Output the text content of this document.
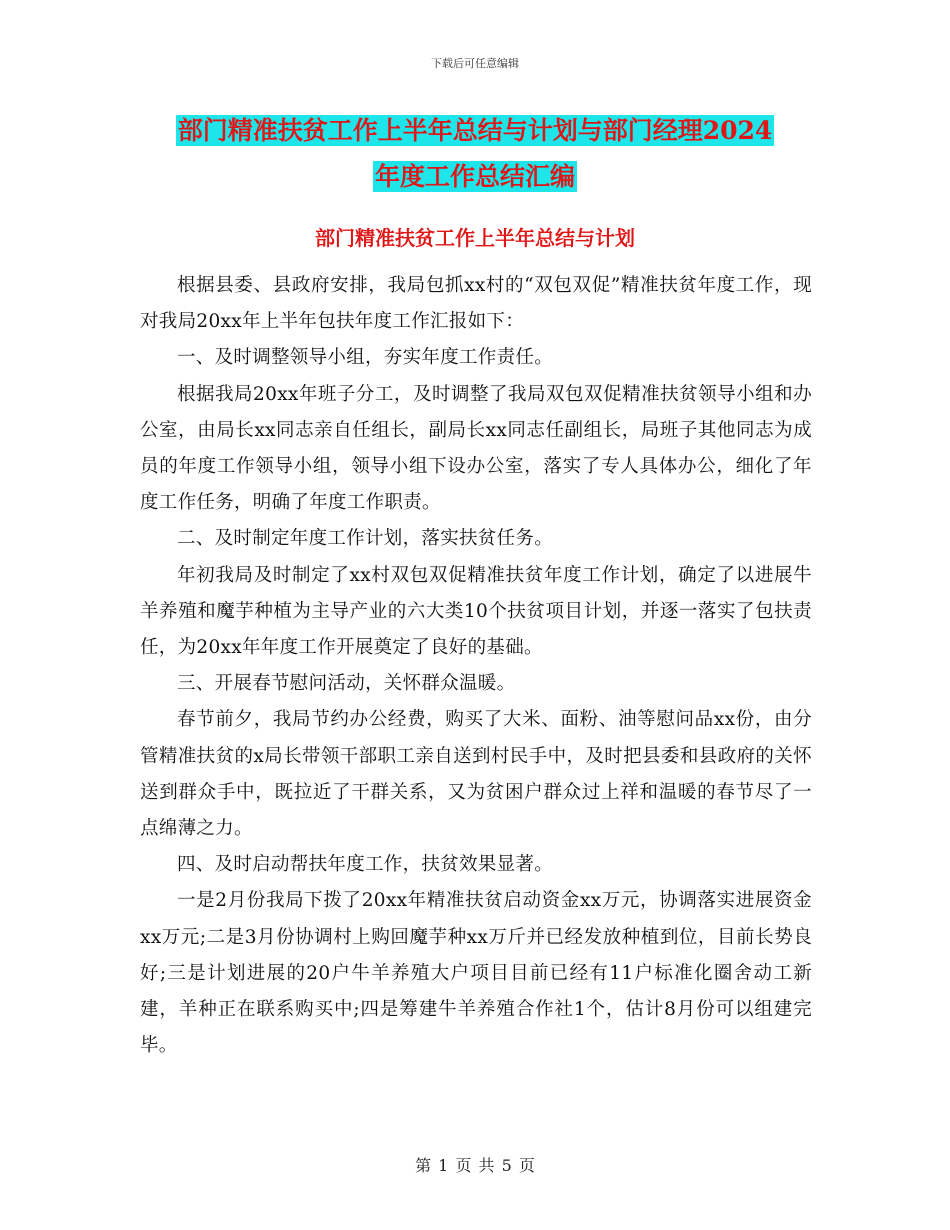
下载后可任意编辑
部门精准扶贫工作上半年总结与计划与部门经理2024
年度工作总结汇编
部门精准扶贫工作上半年总结与计划

根据县委、县政府安排，我局包抓xx村的“双包双促”精准扶贫年度工作，现对我局20xx年上半年包扶年度工作汇报如下：

一、及时调整领导小组，夯实年度工作责任。

根据我局20xx年班子分工，及时调整了我局双包双促精准扶贫领导小组和办公室，由局长xx同志亲自任组长，副局长xx同志任副组长，局班子其他同志为成员的年度工作领导小组，领导小组下设办公室，落实了专人具体办公，细化了年度工作任务，明确了年度工作职责。

二、及时制定年度工作计划，落实扶贫任务。

年初我局及时制定了xx村双包双促精准扶贫年度工作计划，确定了以进展牛羊养殖和魔芋种植为主导产业的六大类10个扶贫项目计划，并逐一落实了包扶责任，为20xx年年度工作开展奠定了良好的基础。

三、开展春节慰问活动，关怀群众温暖。

春节前夕，我局节约办公经费，购买了大米、面粉、油等慰问品xx份，由分管精准扶贫的x局长带领干部职工亲自送到村民手中，及时把县委和县政府的关怀送到群众手中，既拉近了干群关系，又为贫困户群众过上祥和温暖的春节尽了一点绵薄之力。

四、及时启动帮扶年度工作，扶贫效果显著。

一是2月份我局下拨了20xx年精准扶贫启动资金xx万元，协调落实进展资金xx万元;二是3月份协调村上购回魔芋种xx万斤并已经发放种植到位，目前长势良好;三是计划进展的20户牛羊养殖大户项目目前已经有11户标准化圈舍动工新建，羊种正在联系购买中;四是筹建牛羊养殖合作社1个，估计8月份可以组建完毕。

第 1 页 共 5 页
